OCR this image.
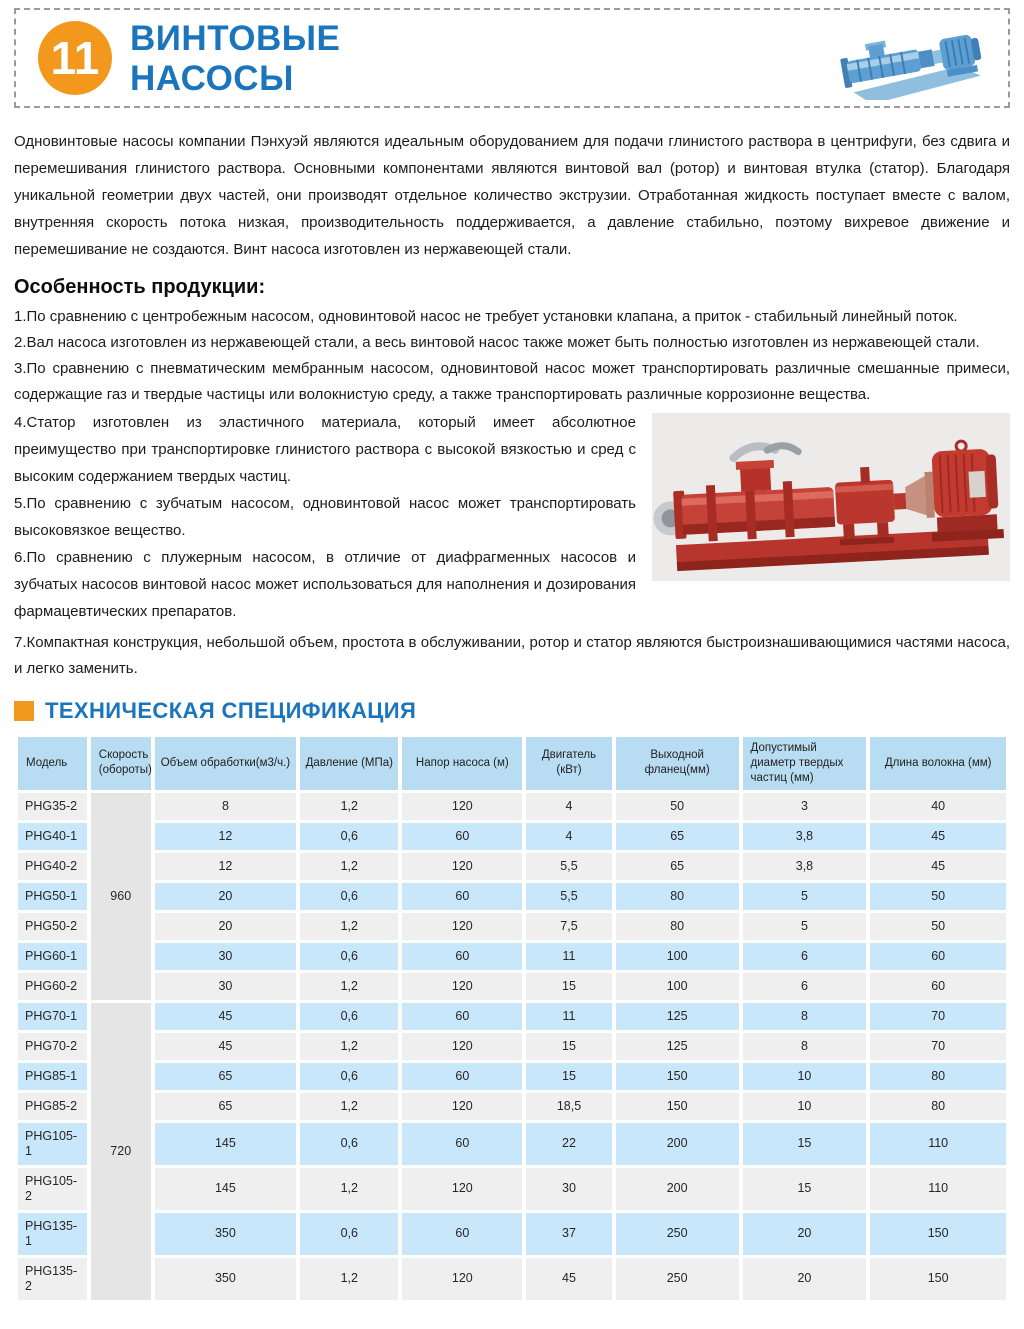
11 ВИНТОВЫЕ
НАСОСЫ

Одновинтовые насосы компании Пэнхуэй являются идеальным оборудованием для подачи глинистого раствора в центрифуги, без сдвига и перемешивания глинистого раствора. Основными компонентами являются винтовой вал (ротор) и винтовая втулка (статор). Благодаря уникальной геометрии двух частей, они производят отдельное количество экструзии. Отработанная жидкость поступает вместе с валом, внутренняя скорость потока низкая, производительность поддерживается, а давление стабильно, поэтому вихревое движение и перемешивание не создаются. Винт насоса изготовлен из нержавеющей стали.

Особенность продукции:

1.По сравнению с центробежным насосом, одновинтовой насос не требует установки клапана, а приток - стабильный линейный поток.

2.Вал насоса изготовлен из нержавеющей стали, а весь винтовой насос также может быть полностью изготовлен из нержавеющей стали.

3.По сравнению с пневматическим мембранным насосом, одновинтовой насос может транспортировать различные смешанные примеси, содержащие газ и твердые частицы или волокнистую среду, а также транспортировать различные коррозионне вещества.

4.Статор изготовлен из эластичного материала, который имеет абсолютное преимущество при транспортировке глинистого раствора с высокой вязкостью и сред с высоким содержанием твердых частиц.

5.По сравнению с зубчатым насосом, одновинтовой насос может транспортировать высоковязкое вещество.

6.По сравнению с плужерным насосом, в отличие от диафрагменных насосов и зубчатых насосов винтовой насос может использоваться для наполнения и дозирования фармацевтических препаратов.

7.Компактная конструкция, небольшой объем, простота в обслуживании, ротор и статор являются быстроизнашивающимися частями насоса, и легко заменить.

ТЕХНИЧЕСКАЯ СПЕЦИФИКАЦИЯ
Модель	Скорость (обороты)	Объем обработки(м3/ч.)	Давление (МПа)	Напор насоса (м)	Двигатель (кВт)	Выходной фланец(мм)	Допустимый диаметр твердых частиц (мм)	Длина волокна (мм)
PHG35-2	960	8	1,2	120	4	50	3	40
PHG40-1		12	0,6	60	4	65	3,8	45
PHG40-2		12	1,2	120	5,5	65	3,8	45
PHG50-1		20	0,6	60	5,5	80	5	50
PHG50-2		20	1,2	120	7,5	80	5	50
PHG60-1		30	0,6	60	11	100	6	60
PHG60-2		30	1,2	120	15	100	6	60
PHG70-1	720	45	0,6	60	11	125	8	70
PHG70-2		45	1,2	120	15	125	8	70
PHG85-1		65	0,6	60	15	150	10	80
PHG85-2		65	1,2	120	18,5	150	10	80
PHG105-1		145	0,6	60	22	200	15	110
PHG105-2		145	1,2	120	30	200	15	110
PHG135-1		350	0,6	60	37	250	20	150
PHG135-2		350	1,2	120	45	250	20	150
